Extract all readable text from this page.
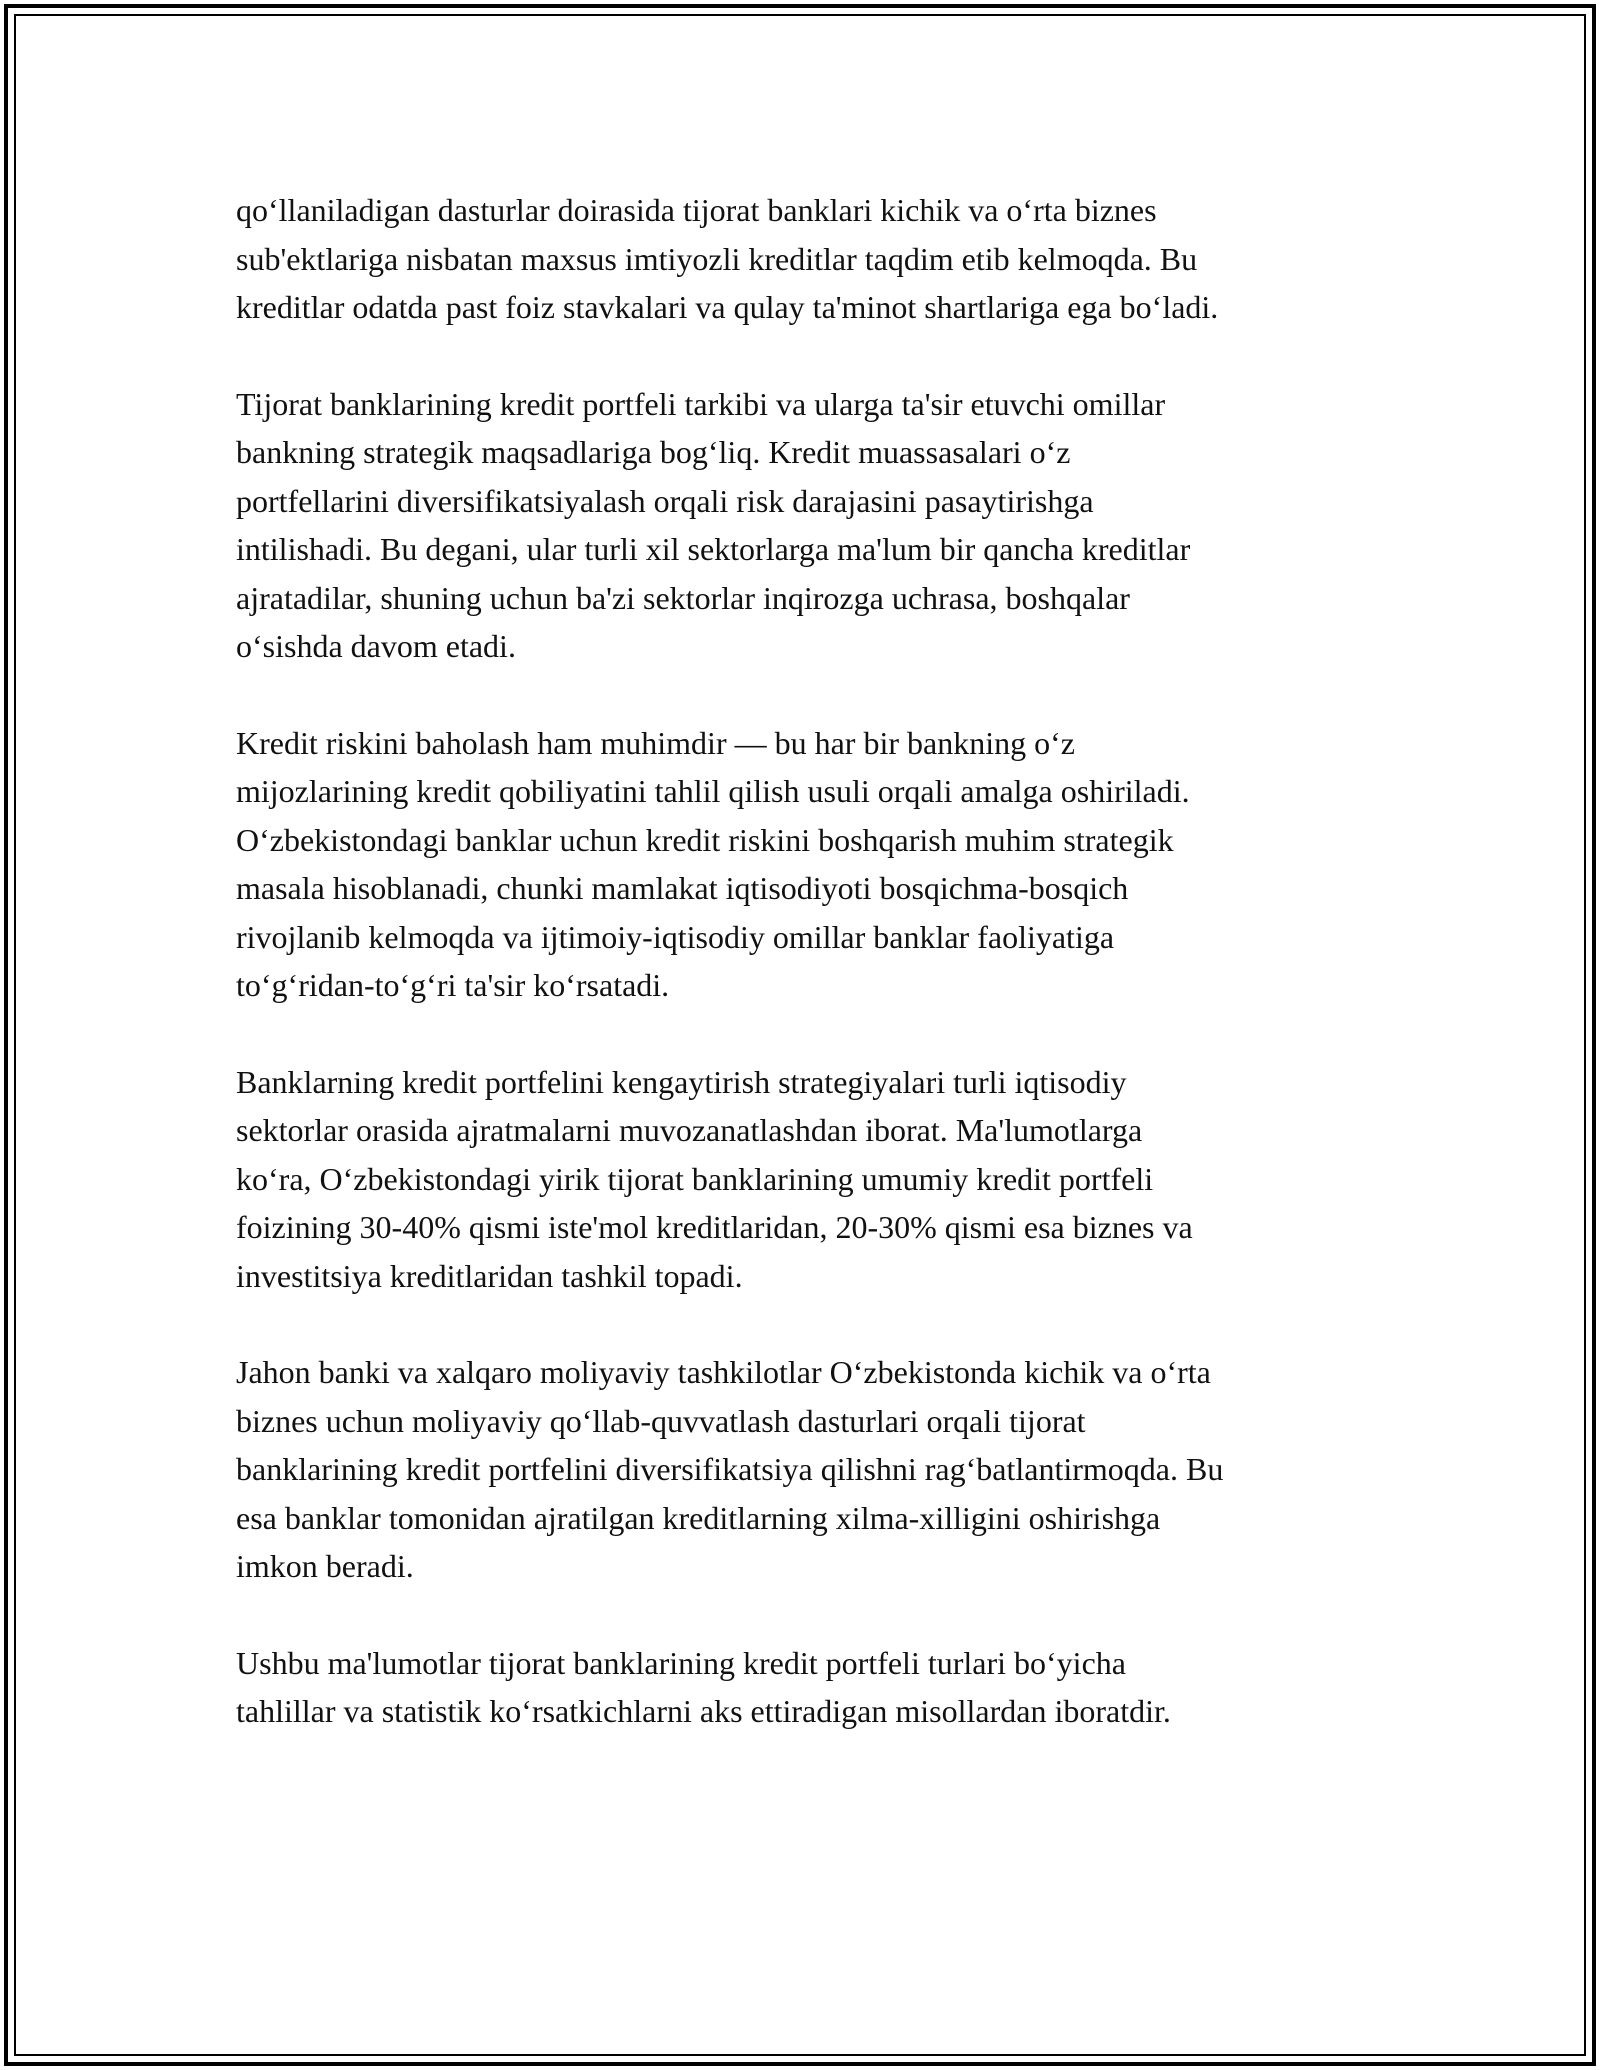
qo‘llaniladigan dasturlar doirasida tijorat banklari kichik va o‘rta biznes
sub'ektlariga nisbatan maxsus imtiyozli kreditlar taqdim etib kelmoqda. Bu
kreditlar odatda past foiz stavkalari va qulay ta'minot shartlariga ega bo‘ladi.

Tijorat banklarining kredit portfeli tarkibi va ularga ta'sir etuvchi omillar
bankning strategik maqsadlariga bog‘liq. Kredit muassasalari o‘z
portfellarini diversifikatsiyalash orqali risk darajasini pasaytirishga
intilishadi. Bu degani, ular turli xil sektorlarga ma'lum bir qancha kreditlar
ajratadilar, shuning uchun ba'zi sektorlar inqirozga uchrasa, boshqalar
o‘sishda davom etadi.

Kredit riskini baholash ham muhimdir — bu har bir bankning o‘z
mijozlarining kredit qobiliyatini tahlil qilish usuli orqali amalga oshiriladi.
O‘zbekistondagi banklar uchun kredit riskini boshqarish muhim strategik
masala hisoblanadi, chunki mamlakat iqtisodiyoti bosqichma-bosqich
rivojlanib kelmoqda va ijtimoiy-iqtisodiy omillar banklar faoliyatiga
to‘g‘ridan-to‘g‘ri ta'sir ko‘rsatadi.

Banklarning kredit portfelini kengaytirish strategiyalari turli iqtisodiy
sektorlar orasida ajratmalarni muvozanatlashdan iborat. Ma'lumotlarga
ko‘ra, O‘zbekistondagi yirik tijorat banklarining umumiy kredit portfeli
foizining 30-40% qismi iste'mol kreditlaridan, 20-30% qismi esa biznes va
investitsiya kreditlaridan tashkil topadi.

Jahon banki va xalqaro moliyaviy tashkilotlar O‘zbekistonda kichik va o‘rta
biznes uchun moliyaviy qo‘llab-quvvatlash dasturlari orqali tijorat
banklarining kredit portfelini diversifikatsiya qilishni rag‘batlantirmoqda. Bu
esa banklar tomonidan ajratilgan kreditlarning xilma-xilligini oshirishga
imkon beradi.

Ushbu ma'lumotlar tijorat banklarining kredit portfeli turlari bo‘yicha
tahlillar va statistik ko‘rsatkichlarni aks ettiradigan misollardan iboratdir.
